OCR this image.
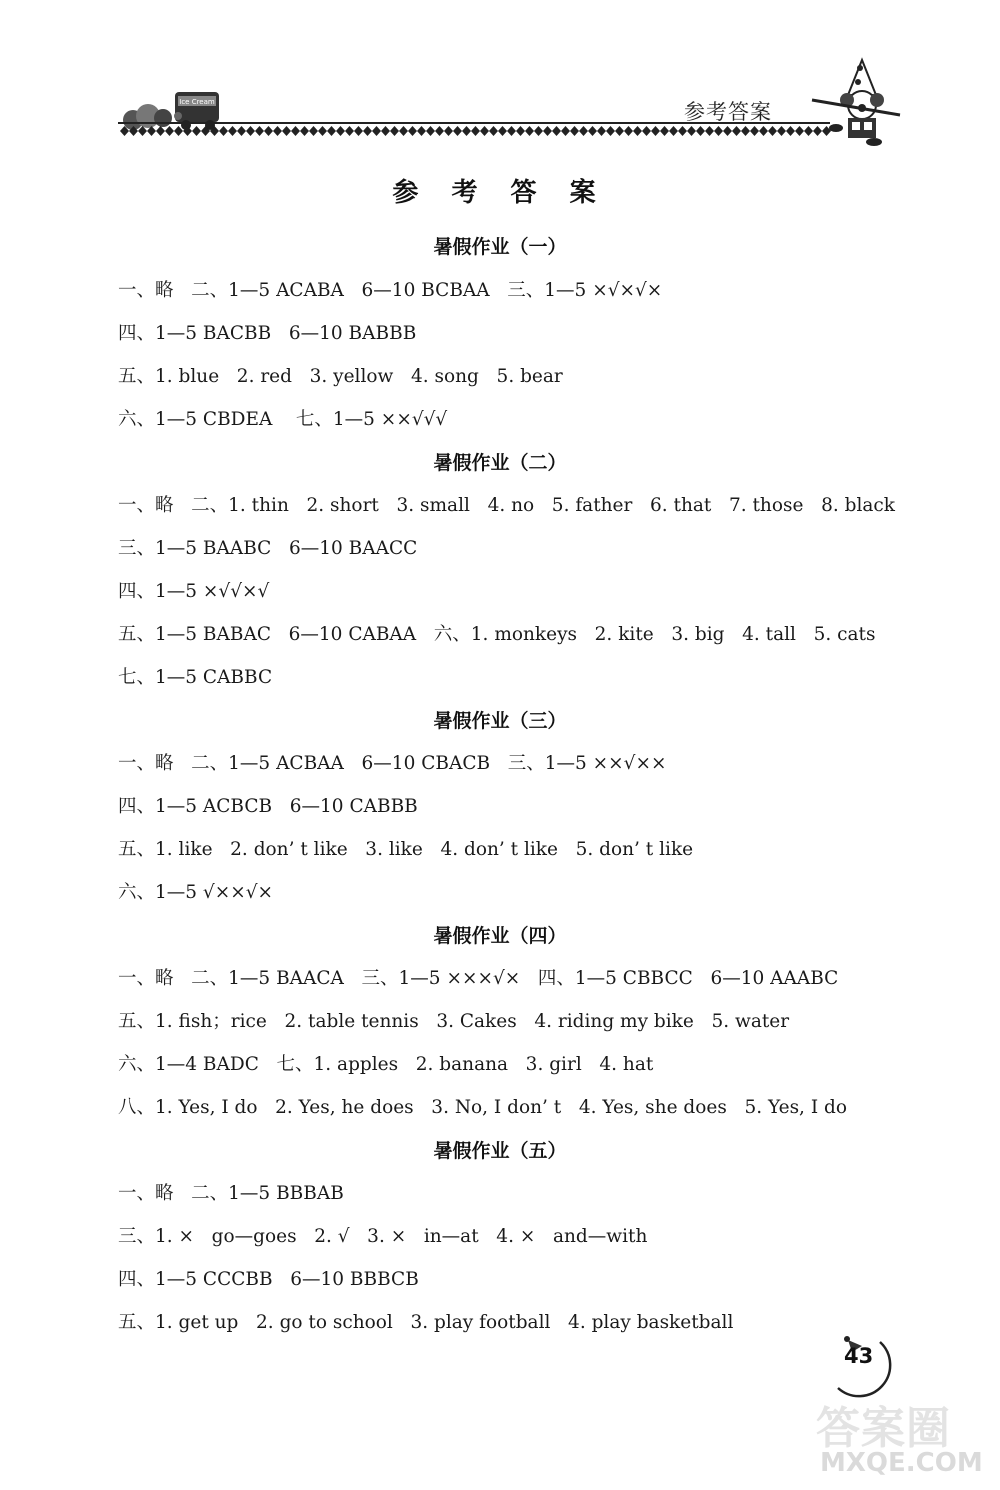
Ice Cream	参考答案
参 考 答 案
暑假作业（一）
一、略   二、1—5 ACABA   6—10 BCBAA   三、1—5 ×√×√×
四、1—5 BACBB   6—10 BABBB
五、1. blue   2. red   3. yellow   4. song   5. bear
六、1—5 CBDEA    七、1—5 ××√√√
暑假作业（二）
一、略   二、1. thin   2. short   3. small   4. no   5. father   6. that   7. those   8. black
三、1—5 BAABC   6—10 BAACC
四、1—5 ×√√×√
五、1—5 BABAC   6—10 CABAA   六、1. monkeys   2. kite   3. big   4. tall   5. cats
七、1—5 CABBC
暑假作业（三）
一、略   二、1—5 ACBAA   6—10 CBACB   三、1—5 ××√××
四、1—5 ACBCB   6—10 CABBB
五、1. like   2. don’ t like   3. like   4. don’ t like   5. don’ t like
六、1—5 √××√×
暑假作业（四）
一、略   二、1—5 BAACA   三、1—5 ×××√×   四、1—5 CBBCC   6—10 AAABC
五、1. fish；rice   2. table tennis   3. Cakes   4. riding my bike   5. water
六、1—4 BADC   七、1. apples   2. banana   3. girl   4. hat
八、1. Yes, I do   2. Yes, he does   3. No, I don’ t   4. Yes, she does   5. Yes, I do
暑假作业（五）
一、略   二、1—5 BBBAB
三、1. ×   go—goes   2. √   3. ×   in—at   4. ×   and—with
四、1—5 CCCBB   6—10 BBBCB
五、1. get up   2. go to school   3. play football   4. play basketball
43
答案圈
MXQE.COM
